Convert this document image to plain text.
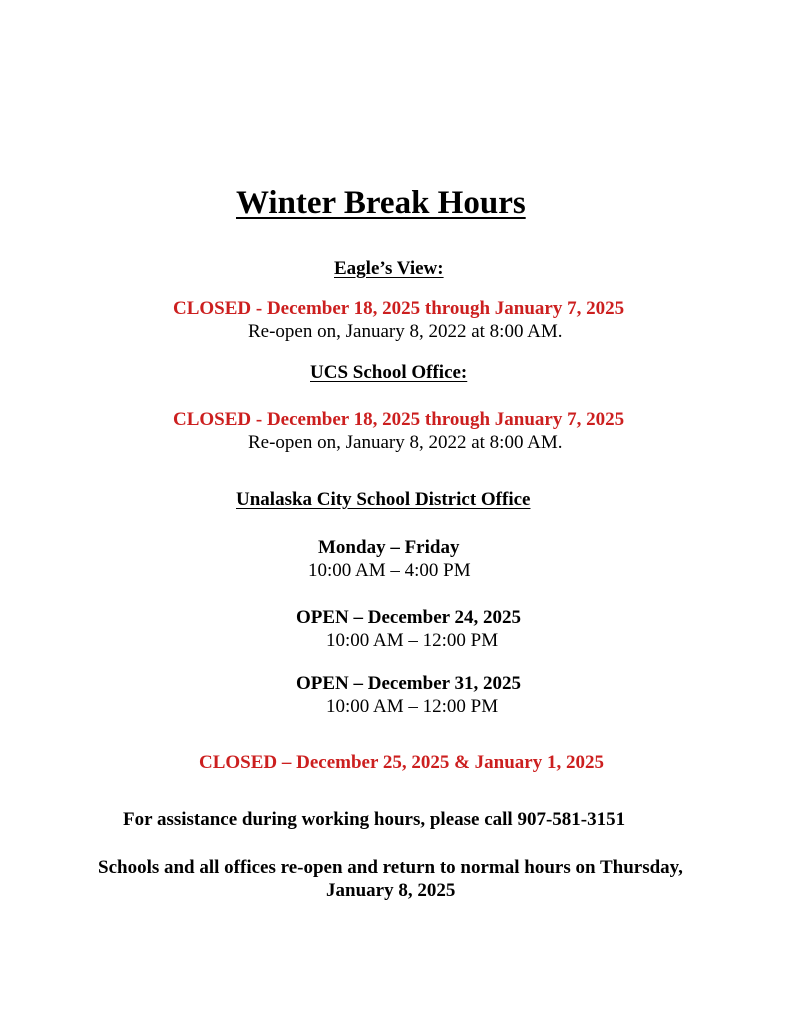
Winter Break Hours
Eagle’s View:
CLOSED - December 18, 2025 through January 7, 2025
Re-open on, January 8, 2022 at 8:00 AM.
UCS School Office:
CLOSED - December 18, 2025 through January 7, 2025
Re-open on, January 8, 2022 at 8:00 AM.
Unalaska City School District Office
Monday – Friday
10:00 AM – 4:00 PM
OPEN – December 24, 2025
10:00 AM – 12:00 PM
OPEN – December 31, 2025
10:00 AM – 12:00 PM
CLOSED – December 25, 2025 & January 1, 2025
For assistance during working hours, please call 907-581-3151
Schools and all offices re-open and return to normal hours on Thursday,
January 8, 2025
